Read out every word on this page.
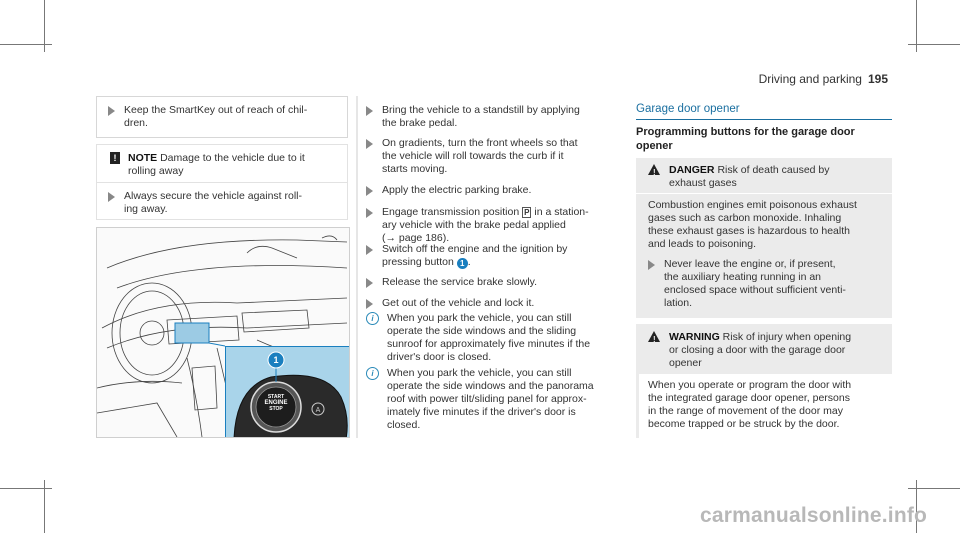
Driving and parking 195
Keep the SmartKey out of reach of chil-
dren.
!	NOTE Damage to the vehicle due to it
rolling away
Always secure the vehicle against roll-
ing away.
A
1
START
ENGINE
STOP
Bring the vehicle to a standstill by applying
the brake pedal.
On gradients, turn the front wheels so that
the vehicle will roll towards the curb if it
starts moving.
Apply the electric parking brake.
Engage transmission position P in a station-
ary vehicle with the brake pedal applied
(→ page 186).
Switch off the engine and the ignition by
pressing button 1 .
Release the service brake slowly.
Get out of the vehicle and lock it.
i	When you park the vehicle, you can still
operate the side windows and the sliding
sunroof for approximately five minutes if the
driver's door is closed.
i	When you park the vehicle, you can still
operate the side windows and the panorama
roof with power tilt/sliding panel for approx-
imately five minutes if the driver's door is
closed.
Garage door opener
Programming buttons for the garage door
opener
! DANGER Risk of death caused by
exhaust gases
Combustion engines emit poisonous exhaust
gases such as carbon monoxide. Inhaling
these exhaust gases is hazardous to health
and leads to poisoning.
Never leave the engine or, if present,
the auxiliary heating running in an
enclosed space without sufficient venti-
lation.
! WARNING Risk of injury when opening
or closing a door with the garage door
opener
When you operate or program the door with
the integrated garage door opener, persons
in the range of movement of the door may
become trapped or be struck by the door.
carmanualsonline.info
